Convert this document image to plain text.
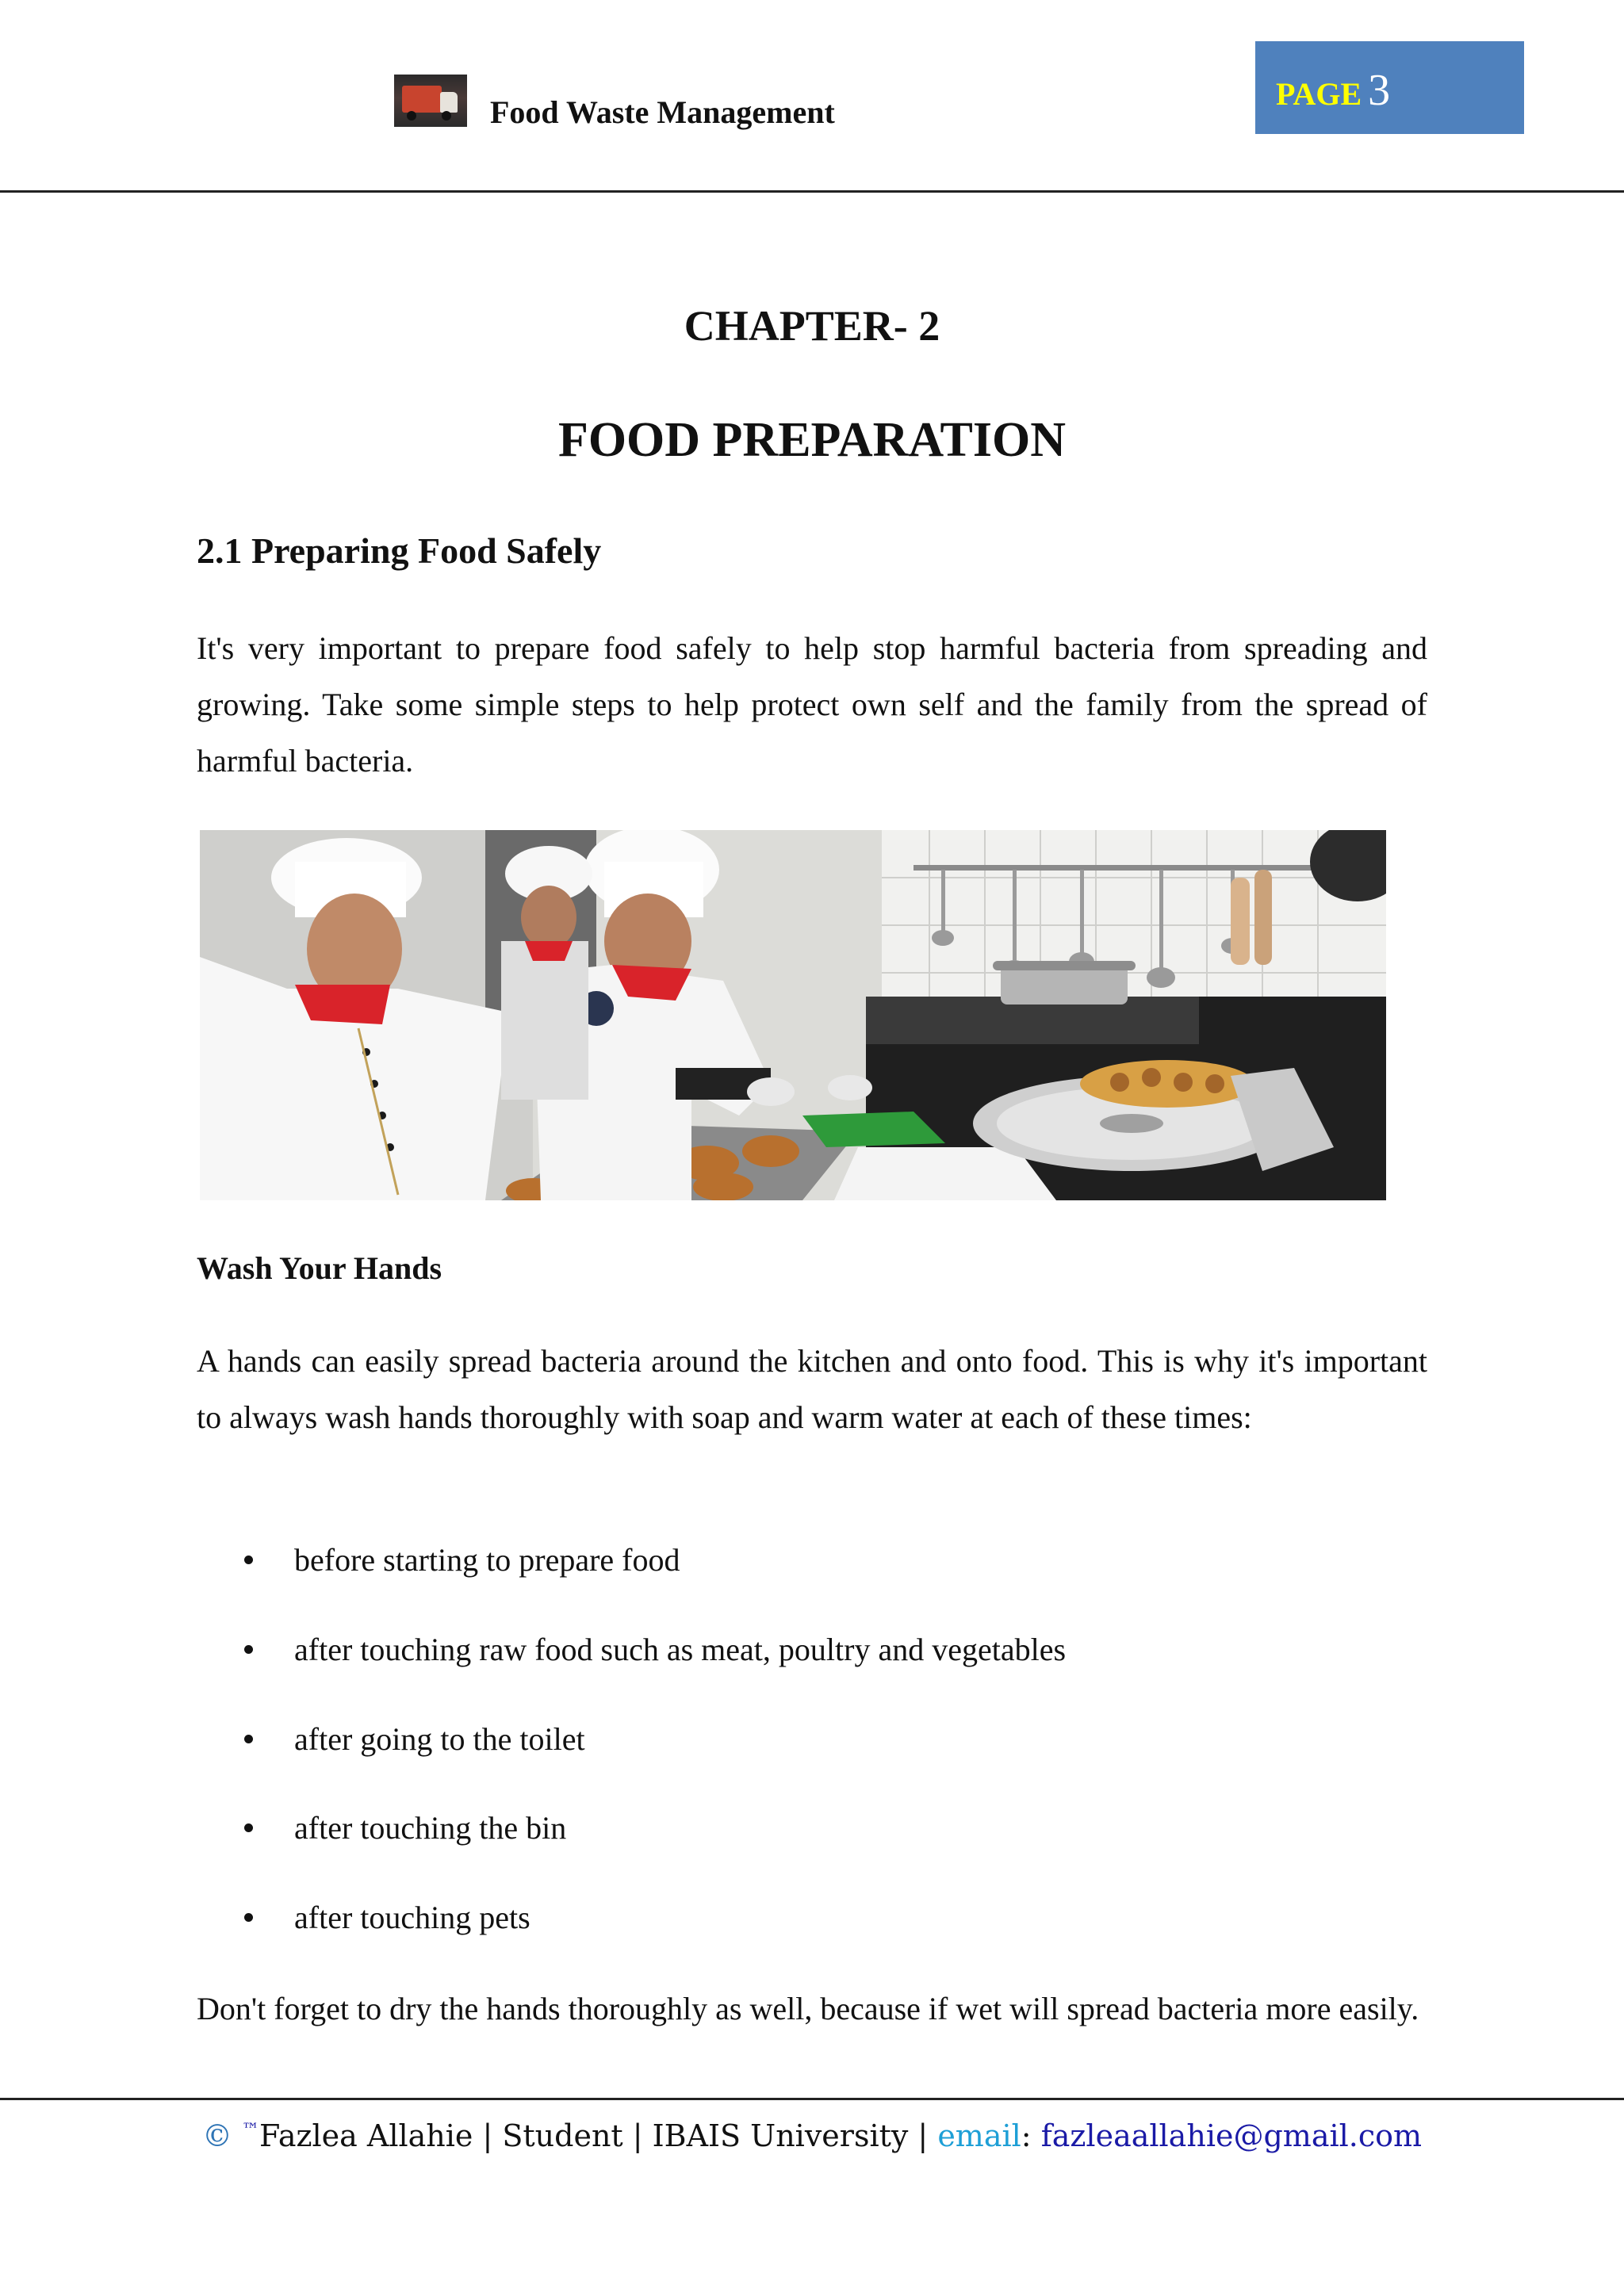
Food Waste Management
PAGE 3
CHAPTER- 2
FOOD PREPARATION
2.1 Preparing Food Safely
It's very important to prepare food safely to help stop harmful bacteria from spreading and growing. Take some simple steps to help protect own self and the family from the spread of harmful bacteria.
Wash Your Hands
A hands can easily spread bacteria around the kitchen and onto food. This is why it's important to always wash hands thoroughly with soap and warm water at each of these times:
before starting to prepare food
after touching raw food such as meat, poultry and vegetables
after going to the toilet
after touching the bin
after touching pets
Don't forget to dry the hands thoroughly as well, because if wet will spread bacteria more easily.
© ™Fazlea Allahie | Student | IBAIS University | email: fazleaallahie@gmail.com
